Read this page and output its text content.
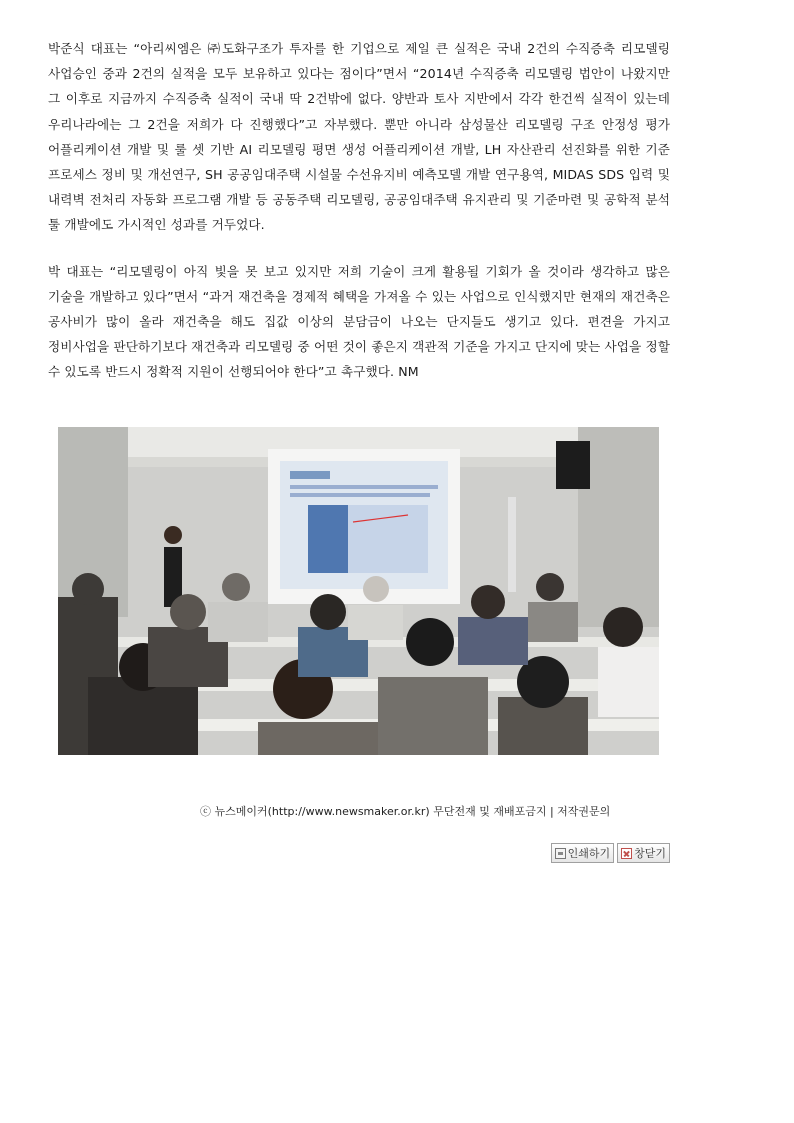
박준식 대표는 “아리씨엠은 ㈜도화구조가 투자를 한 기업으로 제일 큰 실적은 국내 2건의 수직증축 리모델링 사업승인 중과 2건의 실적을 모두 보유하고 있다는 점이다”면서 “2014년 수직증축 리모델링 법안이 나왔지만 그 이후로 지금까지 수직증축 실적이 국내 딱 2건밖에 없다. 양반과 토사 지반에서 각각 한건씩 실적이 있는데 우리나라에는 그 2건을 저희가 다 진행했다”고 자부했다. 뿐만 아니라 삼성물산 리모델링 구조 안정성 평가 어플리케이션 개발 및 룰 셋 기반 AI 리모델링 평면 생성 어플리케이션 개발, LH 자산관리 선진화를 위한 기준 프로세스 정비 및 개선연구, SH 공공임대주택 시설물 수선유지비 예측모델 개발 연구용역, MIDAS SDS 입력 및 내력벽 전처리 자동화 프로그램 개발 등 공동주택 리모델링, 공공임대주택 유지관리 및 기준마련 및 공학적 분석 툴 개발에도 가시적인 성과를 거두었다.

박 대표는 “리모델링이 아직 빛을 못 보고 있지만 저희 기술이 크게 활용될 기회가 올 것이라 생각하고 많은 기술을 개발하고 있다”면서 “과거 재건축을 경제적 혜택을 가져올 수 있는 사업으로 인식했지만 현재의 재건축은 공사비가 많이 올라 재건축을 해도 집값 이상의 분담금이 나오는 단지들도 생기고 있다. 편견을 가지고 정비사업을 판단하기보다 재건축과 리모델링 중 어떤 것이 좋은지 객관적 기준을 가지고 단지에 맞는 사업을 정할 수 있도록 반드시 정확적 지원이 선행되어야 한다”고 촉구했다. NM

ⓒ 뉴스메이커(http://www.newsmaker.or.kr) 무단전재 및 재배포금지 | 저작권문의
인쇄하기 창닫기
